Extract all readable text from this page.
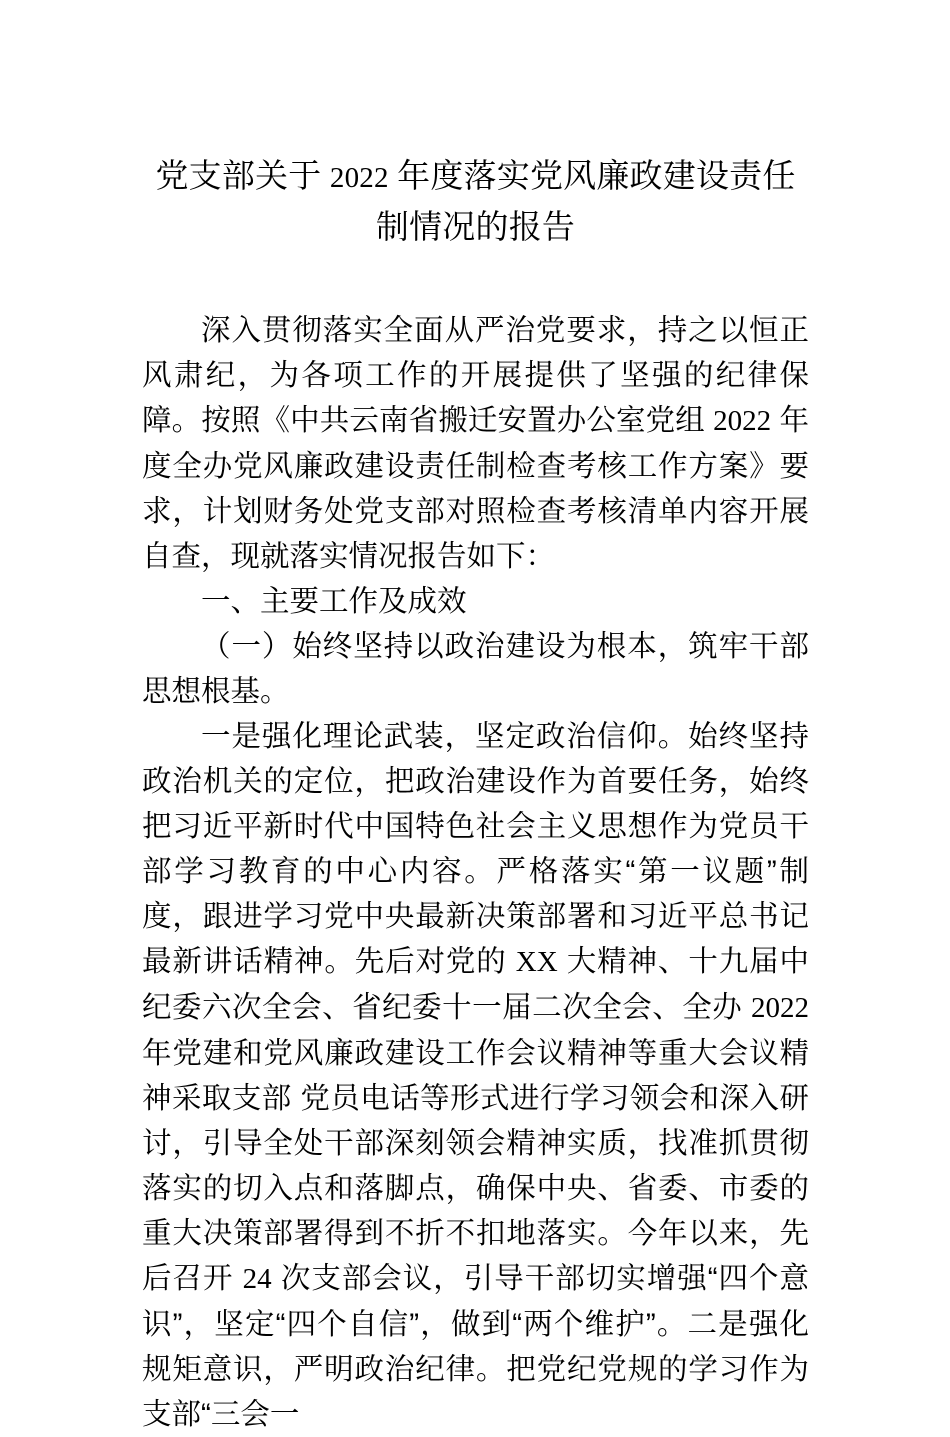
党支部关于 2022 年度落实党风廉政建设责任制情况的报告

深入贯彻落实全面从严治党要求，持之以恒正风肃纪，为各项工作的开展提供了坚强的纪律保障。按照《中共云南省搬迁安置办公室党组 2022 年度全办党风廉政建设责任制检查考核工作方案》要求，计划财务处党支部对照检查考核清单内容开展自查，现就落实情况报告如下：

一、主要工作及成效

（一）始终坚持以政治建设为根本，筑牢干部思想根基。

一是强化理论武装，坚定政治信仰。始终坚持政治机关的定位，把政治建设作为首要任务，始终把习近平新时代中国特色社会主义思想作为党员干部学习教育的中心内容。严格落实“第一议题”制度，跟进学习党中央最新决策部署和习近平总书记最新讲话精神。先后对党的 XX 大精神、十九届中纪委六次全会、省纪委十一届二次全会、全办 2022 年党建和党风廉政建设工作会议精神等重大会议精神采取支部 党员电话等形式进行学习领会和深入研讨，引导全处干部深刻领会精神实质，找准抓贯彻落实的切入点和落脚点，确保中央、省委、市委的重大决策部署得到不折不扣地落实。今年以来，先后召开 24 次支部会议，引导干部切实增强“四个意识”，坚定“四个自信”，做到“两个维护”。二是强化规矩意识，严明政治纪律。把党纪党规的学习作为支部“三会一
